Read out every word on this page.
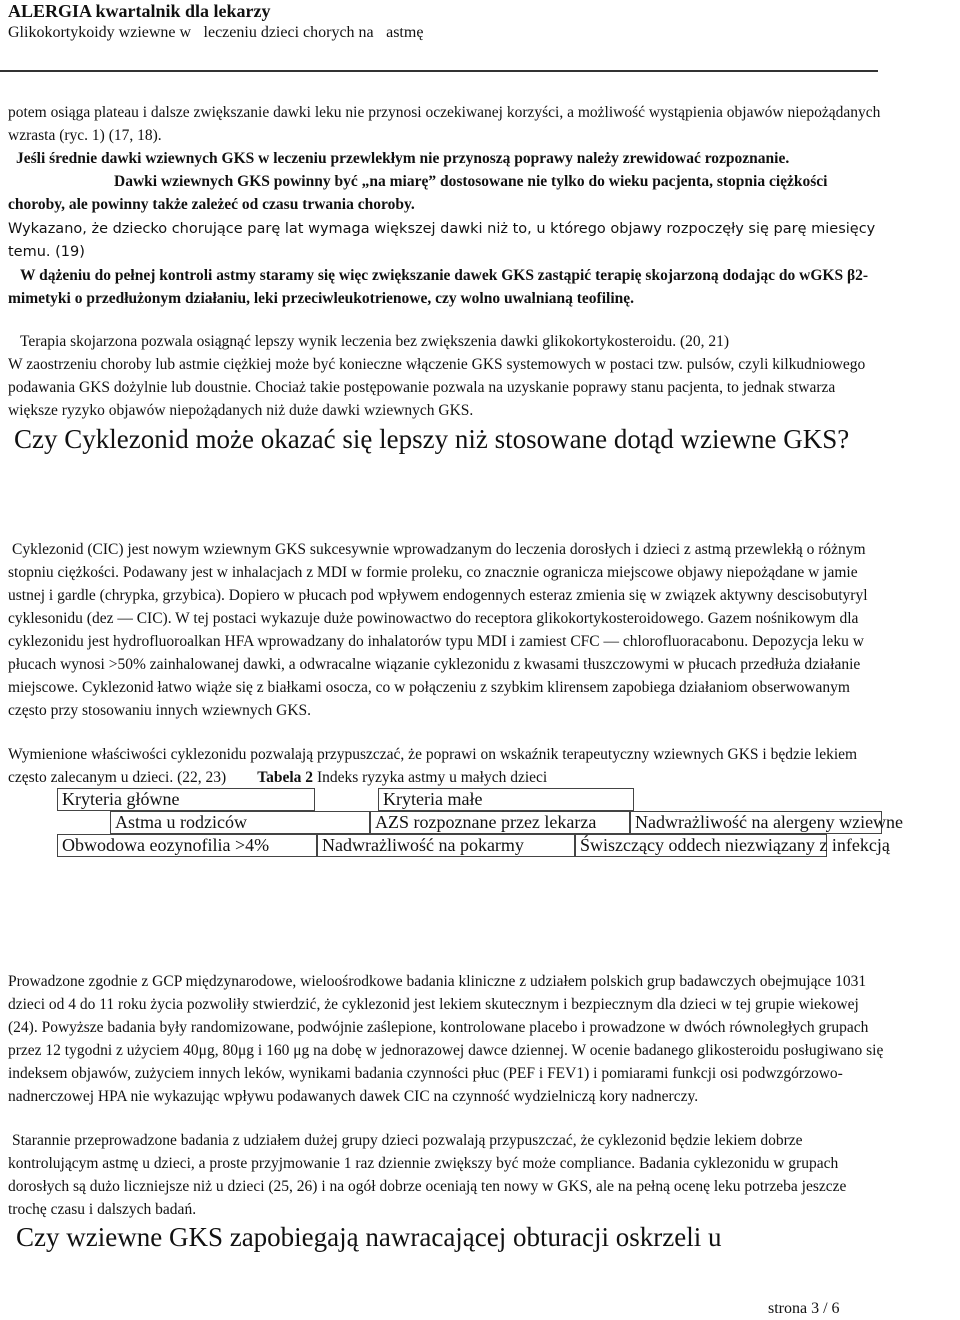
ALERGIA kwartalnik dla lekarzy
Glikokortykoidy wziewne w leczeniu dzieci chorych na astmę
potem osiąga plateau i dalsze zwiększanie dawki leku nie przynosi oczekiwanej korzyści, a możliwość wystąpienia objawów niepożądanych wzrasta (ryc. 1) (17, 18).
Jeśli średnie dawki wziewnych GKS w leczeniu przewlekłym nie przynoszą poprawy należy zrewidować rozpoznanie.
Dawki wziewnych GKS powinny być „na miarę” dostosowane nie tylko do wieku pacjenta, stopnia ciężkości choroby, ale powinny także zależeć od czasu trwania choroby.
Wykazano, że dziecko chorujące parę lat wymaga większej dawki niż to, u którego objawy rozpoczęły się parę miesięcy temu. (19)
W dążeniu do pełnej kontroli astmy staramy się więc zwiększanie dawek GKS zastąpić terapię skojarzoną dodając do wGKS β2-mimetyki o przedłużonym działaniu, leki przeciwleukotrienowe, czy wolno uwalnianą teofilinę.
Terapia skojarzona pozwala osiągnąć lepszy wynik leczenia bez zwiększenia dawki glikokortykosteroidu. (20, 21)
W zaostrzeniu choroby lub astmie ciężkiej może być konieczne włączenie GKS systemowych w postaci tzw. pulsów, czyli kilkudniowego podawania GKS dożylnie lub doustnie. Chociaż takie postępowanie pozwala na uzyskanie poprawy stanu pacjenta, to jednak stwarza większe ryzyko objawów niepożądanych niż duże dawki wziewnych GKS.
Czy Cyklezonid może okazać się lepszy niż stosowane dotąd wziewne GKS?
Cyklezonid (CIC) jest nowym wziewnym GKS sukcesywnie wprowadzanym do leczenia dorosłych i dzieci z astmą przewlekłą o różnym stopniu ciężkości. Podawany jest w inhalacjach z MDI w formie proleku, co znacznie ogranicza miejscowe objawy niepożądane w jamie ustnej i gardle (chrypka, grzybica). Dopiero w płucach pod wpływem endogennych esteraz zmienia się w związek aktywny descisobutyryl cyklesonidu (dez — CIC). W tej postaci wykazuje duże powinowactwo do receptora glikokortykosteroidowego. Gazem nośnikowym dla cyklezonidu jest hydrofluoroalkan HFA wprowadzany do inhalatorów typu MDI i zamiest CFC — chlorofluoracabonu. Depozycja leku w płucach wynosi >50% zainhalowanej dawki, a odwracalne wiązanie cyklezonidu z kwasami tłuszczowymi w płucach przedłuża działanie miejscowe. Cyklezonid łatwo wiąże się z białkami osocza, co w połączeniu z szybkim klirensem zapobiega działaniom obserwowanym często przy stosowaniu innych wziewnych GKS.
Wymienione właściwości cyklezonidu pozwalają przypuszczać, że poprawi on wskaźnik terapeutyczny wziewnych GKS i będzie lekiem często zalecanym u dzieci. (22, 23) Tabela 2 Indeks ryzyka astmy u małych dzieci
Kryteria główne	Kryteria małe
Astma u rodziców	AZS rozpoznane przez lekarza	Nadwrażliwość na alergeny wziewne
Obwodowa eozynofilia >4%	Nadwrażliwość na pokarmy	Świszczący oddech niezwiązany z infekcją
Prowadzone zgodnie z GCP międzynarodowe, wieloośrodkowe badania kliniczne z udziałem polskich grup badawczych obejmujące 1031 dzieci od 4 do 11 roku życia pozwoliły stwierdzić, że cyklezonid jest lekiem skutecznym i bezpiecznym dla dzieci w tej grupie wiekowej (24). Powyższe badania były randomizowane, podwójnie zaślepione, kontrolowane placebo i prowadzone w dwóch równoległych grupach przez 12 tygodni z użyciem 40μg, 80μg i 160 μg na dobę w jednorazowej dawce dziennej. W ocenie badanego glikosteroidu posługiwano się indeksem objawów, zużyciem innych leków, wynikami badania czynności płuc (PEF i FEV1) i pomiarami funkcji osi podwzgórzowo-nadnerczowej HPA nie wykazując wpływu podawanych dawek CIC na czynność wydzielniczą kory nadnerczy.
Starannie przeprowadzone badania z udziałem dużej grupy dzieci pozwalają przypuszczać, że cyklezonid będzie lekiem dobrze kontrolującym astmę u dzieci, a proste przyjmowanie 1 raz dziennie zwiększy być może compliance. Badania cyklezonidu w grupach dorosłych są dużo liczniejsze niż u dzieci (25, 26) i na ogół dobrze oceniają ten nowy w GKS, ale na pełną ocenę leku potrzeba jeszcze trochę czasu i dalszych badań.
Czy wziewne GKS zapobiegają nawracającej obturacji oskrzeli u
strona 3 / 6
